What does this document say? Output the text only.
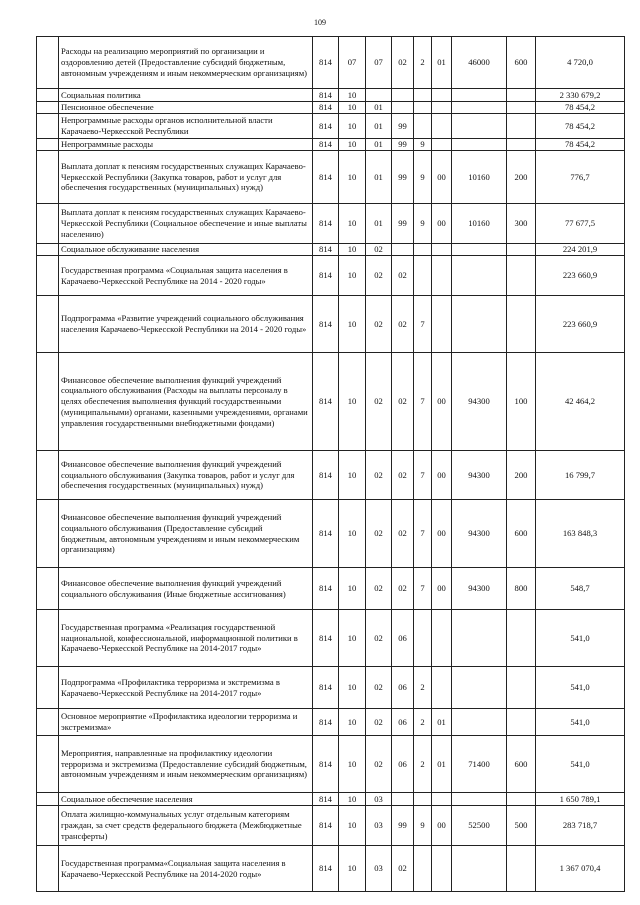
109
	Расходы на реализацию мероприятий по организации и оздоровлению детей (Предоставление субсидий бюджетным, автономным учреждениям и иным некоммерческим организациям)	814	07	07	02	2	01	46000	600	4 720,0
	Социальная политика	814	10							2 330 679,2
	Пенсионное обеспечение	814	10	01						78 454,2
	Непрограммные расходы органов исполнительной власти Карачаево-Черкесской Республики	814	10	01	99					78 454,2
	Непрограммные расходы	814	10	01	99	9				78 454,2
	Выплата доплат к пенсиям государственных служащих Карачаево-Черкесской Республики (Закупка товаров, работ и услуг для обеспечения государственных (муниципальных) нужд)	814	10	01	99	9	00	10160	200	776,7
	Выплата доплат к пенсиям государственных служащих Карачаево-Черкесской Республики (Социальное обеспечение и иные выплаты населению)	814	10	01	99	9	00	10160	300	77 677,5
	Социальное обслуживание населения	814	10	02						224 201,9
	Государственная программа «Социальная защита населения в Карачаево-Черкесской Республике на 2014 - 2020 годы»	814	10	02	02					223 660,9
	Подпрограмма «Развитие учреждений социального обслуживания населения Карачаево-Черкесской Республики на 2014 - 2020 годы»	814	10	02	02	7				223 660,9
	Финансовое обеспечение выполнения функций учреждений социального обслуживания (Расходы на выплаты персоналу в целях обеспечения выполнения функций государственными (муниципальными) органами, казенными учреждениями, органами управления государственными внебюджетными фондами)	814	10	02	02	7	00	94300	100	42 464,2
	Финансовое обеспечение выполнения функций учреждений социального обслуживания (Закупка товаров, работ и услуг для обеспечения государственных (муниципальных) нужд)	814	10	02	02	7	00	94300	200	16 799,7
	Финансовое обеспечение выполнения функций учреждений социального обслуживания (Предоставление субсидий бюджетным, автономным учреждениям и иным некоммерческим организациям)	814	10	02	02	7	00	94300	600	163 848,3
	Финансовое обеспечение выполнения функций учреждений социального обслуживания (Иные бюджетные ассигнования)	814	10	02	02	7	00	94300	800	548,7
	Государственная программа «Реализация государственной национальной, конфессиональной, информационной политики в Карачаево-Черкесской Республике на 2014-2017 годы»	814	10	02	06					541,0
	Подпрограмма «Профилактика терроризма и экстремизма в Карачаево-Черкесской Республике на 2014-2017 годы»	814	10	02	06	2				541,0
	Основное мероприятие «Профилактика идеологии терроризма и экстремизма»	814	10	02	06	2	01			541,0
	Мероприятия, направленные на профилактику идеологии терроризма и экстремизма (Предоставление субсидий бюджетным, автономным учреждениям и иным некоммерческим организациям)	814	10	02	06	2	01	71400	600	541,0
	Социальное обеспечение населения	814	10	03						1 650 789,1
	Оплата жилищно-коммунальных услуг отдельным категориям граждан, за счет средств федерального бюджета (Межбюджетные трансферты)	814	10	03	99	9	00	52500	500	283 718,7
	Государственная программа«Социальная защита населения в Карачаево-Черкесской Республике на 2014-2020 годы»	814	10	03	02					1 367 070,4
